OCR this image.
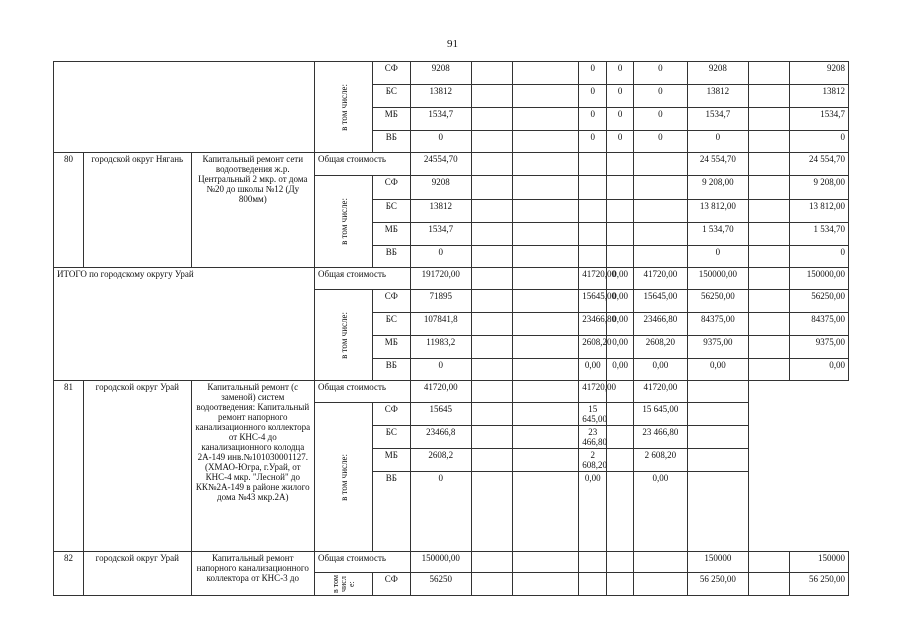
91

			в том числе:	СФ	9208			0	0	0	9208		9208
				БС	13812			0	0	0	13812		13812
				МБ	1534,7			0	0	0	1534,7		1534,7
				ВБ	0			0	0	0	0		0
80	городской округ Нягань	Капитальный ремонт сети водоотведения ж.р. Центральный 2 мкр. от дома №20 до школы №12 (Ду 800мм)	Общая стоимость		24554,70						24 554,70		24 554,70

			в том числе:	СФ	9208						9 208,00		9 208,00
				БС	13812						13 812,00		13 812,00
				МБ	1534,7						1 534,70		1 534,70
				ВБ	0						0		0
ИТОГО по городскому округу Урай			Общая стоимость		191720,00			41720,00	0,00	41720,00	150000,00		150000,00

			в том числе:	СФ	71895			15645,00	0,00	15645,00	56250,00		56250,00
				БС	107841,8			23466,80	0,00	23466,80	84375,00		84375,00
				МБ	11983,2			2608,20	0,00	2608,20	9375,00		9375,00
				ВБ	0			0,00	0,00	0,00	0,00		0,00
81	городской округ Урай	Капитальный ремонт (с заменой) систем водоотведения: Капитальный ремонт напорного канализационного коллектора от КНС-4 до канализационного колодца 2А-149 инв.№101030001127. (ХМАО-Югра, г.Урай, от КНС-4 мкр. "Лесной" до КК№2А-149 в районе жилого дома №43 мкр.2А)	Общая стоимость		41720,00			41720,00		41720,00			

			в том числе:	СФ	15645			15 645,00		15 645,00			
				БС	23466,8			23 466,80		23 466,80			
				МБ	2608,2			2 608,20		2 608,20			
				ВБ	0			0,00		0,00			
82	городской округ Урай	Капитальный ремонт напорного канализационного коллектора от КНС-3 до	Общая стоимость		150000,00						150000		150000

			в том числ е:	СФ	56250						56 250,00		56 250,00
